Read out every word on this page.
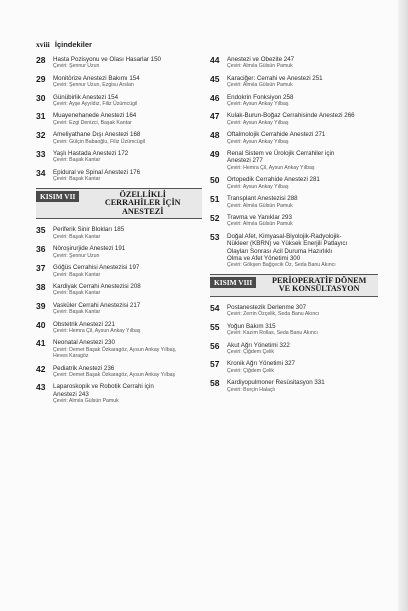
xviii İçindekiler
28	Hasta Pozisyonu ve Olası Hasarlar 150
Çeviri: Şennur Uzun
29	Monitörize Anestezi Bakımı 154
Çeviri: Şennur Uzun, Ezgisu Arslan
30	Günübirlik Anestezi 154
Çeviri: Ayşe Ayyıldız, Filiz Üzümcügil
31	Muayenehanede Anestezi 164
Çeviri: Ezgi Denizci, Başak Kantar
32	Ameliyathane Dışı Anestezi 168
Çeviri: Gülçin Babaoğlu, Filiz Üzümcügil
33	Yaşlı Hastada Anestezi 172
Çeviri: Başak Kantar
34	Epidural ve Spinal Anestezi 176
Çeviri: Başak Kantar
KISIM VII	ÖZELLİKLİ
CERRAHİLER İÇİN
ANESTEZİ
35	Periferik Sinir Blokları 185
Çeviri: Başak Kantar
36	Nöroşirurjide Anestezi 191
Çeviri: Şennur Uzun
37	Göğüs Cerrahisi Anestezisi 197
Çeviri: Başak Kantar
38	Kardiyak Cerrahi Anestezisi 208
Çeviri: Başak Kantar
39	Vasküler Cerrahi Anestezisi 217
Çeviri: Başak Kantar
40	Obstetrik Anestezi 221
Çeviri: Hemra Çil, Aysun Ankay Yılbaş
41	Neonatal Anestezi 230
Çeviri: Demet Başak Özkaragöz, Aysun Ankay Yılbaş,
Heves Karagöz
42	Pediatrik Anestezi 236
Çeviri: Demet Başak Özkaragöz, Aysun Ankay Yılbaş
43	Laparoskopik ve Robotik Cerrahi için
Anestezi 243
Çeviri: Almıla Gülsün Pamuk
44	Anestezi ve Obezite 247
Çeviri: Almıla Gülsün Pamuk
45	Karaciğer: Cerrahi ve Anestezi 251
Çeviri: Almıla Gülsün Pamuk
46	Endokrin Fonksiyon 258
Çeviri: Aysun Ankay Yılbaş
47	Kulak-Burun-Boğaz Cerrahisinde Anestezi 266
Çeviri: Aysun Ankay Yılbaş
48	Oftalmolojik Cerrahide Anestezi 271
Çeviri: Aysun Ankay Yılbaş
49	Renal Sistem ve Ürolojik Cerrahiler için
Anestezi 277
Çeviri: Hemra Çil, Aysun Ankay Yılbaş
50	Ortopedik Cerrahide Anestezi 281
Çeviri: Aysun Ankay Yılbaş
51	Transplant Anestezisi 288
Çeviri: Almıla Gülsün Pamuk
52	Travma ve Yanıklar 293
Çeviri: Almıla Gülsün Pamuk
53	Doğal Afet, Kimyasal-Biyolojik-Radyolojik-
Nükleer (KBRN) ve Yüksek Enerjili Patlayıcı
Olayları Sonrası Acil Duruma Hazırlıklı
Olma ve Afet Yönetimi 300
Çeviri: Gökşen Bağçecik Öz, Seda Banu Akıncı
KISIM VIII	PERİOPERATİF DÖNEM
VE KONSÜLTASYON
54	Postanestezik Derlenme 307
Çeviri: Zerrin Özçelik, Seda Banu Akıncı
55	Yoğun Bakım 315
Çeviri: Kazım Rollas, Seda Banu Akıncı
56	Akut Ağrı Yönetimi 322
Çeviri: Çiğdem Çelik
57	Kronik Ağrı Yönetimi 327
Çeviri: Çiğdem Çelik
58	Kardiyopulmoner Resüsitasyon 331
Çeviri: Burçin Halaçlı
